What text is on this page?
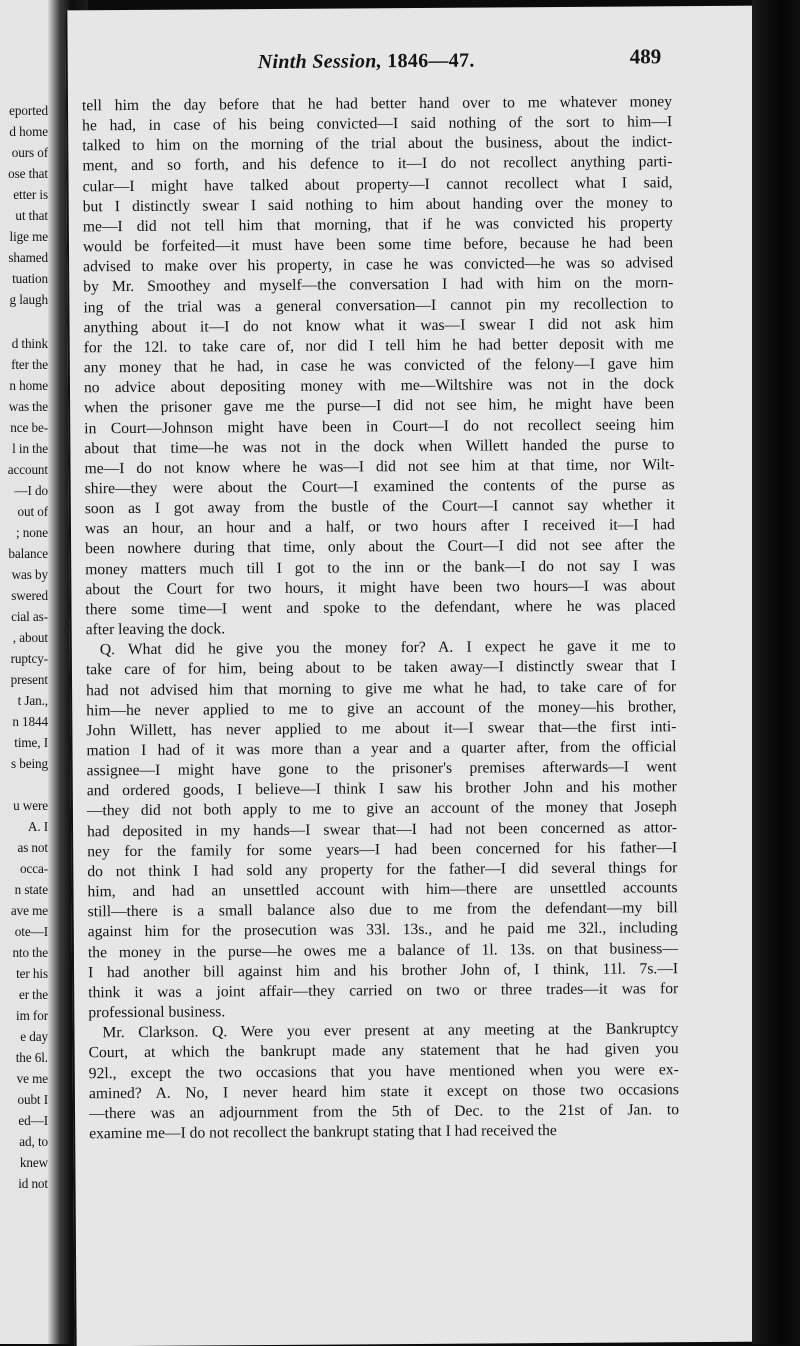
eported
d home
ours of
ose that
etter is
ut that
lige me
shamed
tuation
g laugh
d think
fter the
n home
was the
nce be-
l in the
account
—I do
out of
; none
balance
was by
swered
cial as-
, about
ruptcy-
present
t Jan.,
n 1844
time, I
s being
u were
A. I
as not
occa-
n state
ave me
ote—I
nto the
ter his
er the
im for
e day
the 6l.
ve me
oubt I
ed—I
ad, to
knew
id not
Ninth Session, 1846—47.	489
tell him the day before that he had better hand over to me whatever money
he had, in case of his being convicted—I said nothing of the sort to him—I
talked to him on the morning of the trial about the business, about the indict-
ment, and so forth, and his defence to it—I do not recollect anything parti-
cular—I might have talked about property—I cannot recollect what I said,
but I distinctly swear I said nothing to him about handing over the money to
me—I did not tell him that morning, that if he was convicted his property
would be forfeited—it must have been some time before, because he had been
advised to make over his property, in case he was convicted—he was so advised
by Mr. Smoothey and myself—the conversation I had with him on the morn-
ing of the trial was a general conversation—I cannot pin my recollection to
anything about it—I do not know what it was—I swear I did not ask him
for the 12l. to take care of, nor did I tell him he had better deposit with me
any money that he had, in case he was convicted of the felony—I gave him
no advice about depositing money with me—Wiltshire was not in the dock
when the prisoner gave me the purse—I did not see him, he might have been
in Court—Johnson might have been in Court—I do not recollect seeing him
about that time—he was not in the dock when Willett handed the purse to
me—I do not know where he was—I did not see him at that time, nor Wilt-
shire—they were about the Court—I examined the contents of the purse as
soon as I got away from the bustle of the Court—I cannot say whether it
was an hour, an hour and a half, or two hours after I received it—I had
been nowhere during that time, only about the Court—I did not see after the
money matters much till I got to the inn or the bank—I do not say I was
about the Court for two hours, it might have been two hours—I was about
there some time—I went and spoke to the defendant, where he was placed
after leaving the dock.
Q. What did he give you the money for? A. I expect he gave it me to
take care of for him, being about to be taken away—I distinctly swear that I
had not advised him that morning to give me what he had, to take care of for
him—he never applied to me to give an account of the money—his brother,
John Willett, has never applied to me about it—I swear that—the first inti-
mation I had of it was more than a year and a quarter after, from the official
assignee—I might have gone to the prisoner's premises afterwards—I went
and ordered goods, I believe—I think I saw his brother John and his mother
—they did not both apply to me to give an account of the money that Joseph
had deposited in my hands—I swear that—I had not been concerned as attor-
ney for the family for some years—I had been concerned for his father—I
do not think I had sold any property for the father—I did several things for
him, and had an unsettled account with him—there are unsettled accounts
still—there is a small balance also due to me from the defendant—my bill
against him for the prosecution was 33l. 13s., and he paid me 32l., including
the money in the purse—he owes me a balance of 1l. 13s. on that business—
I had another bill against him and his brother John of, I think, 11l. 7s.—I
think it was a joint affair—they carried on two or three trades—it was for
professional business.
Mr. Clarkson. Q. Were you ever present at any meeting at the Bankruptcy
Court, at which the bankrupt made any statement that he had given you
92l., except the two occasions that you have mentioned when you were ex-
amined? A. No, I never heard him state it except on those two occasions
—there was an adjournment from the 5th of Dec. to the 21st of Jan. to
examine me—I do not recollect the bankrupt stating that I had received the
